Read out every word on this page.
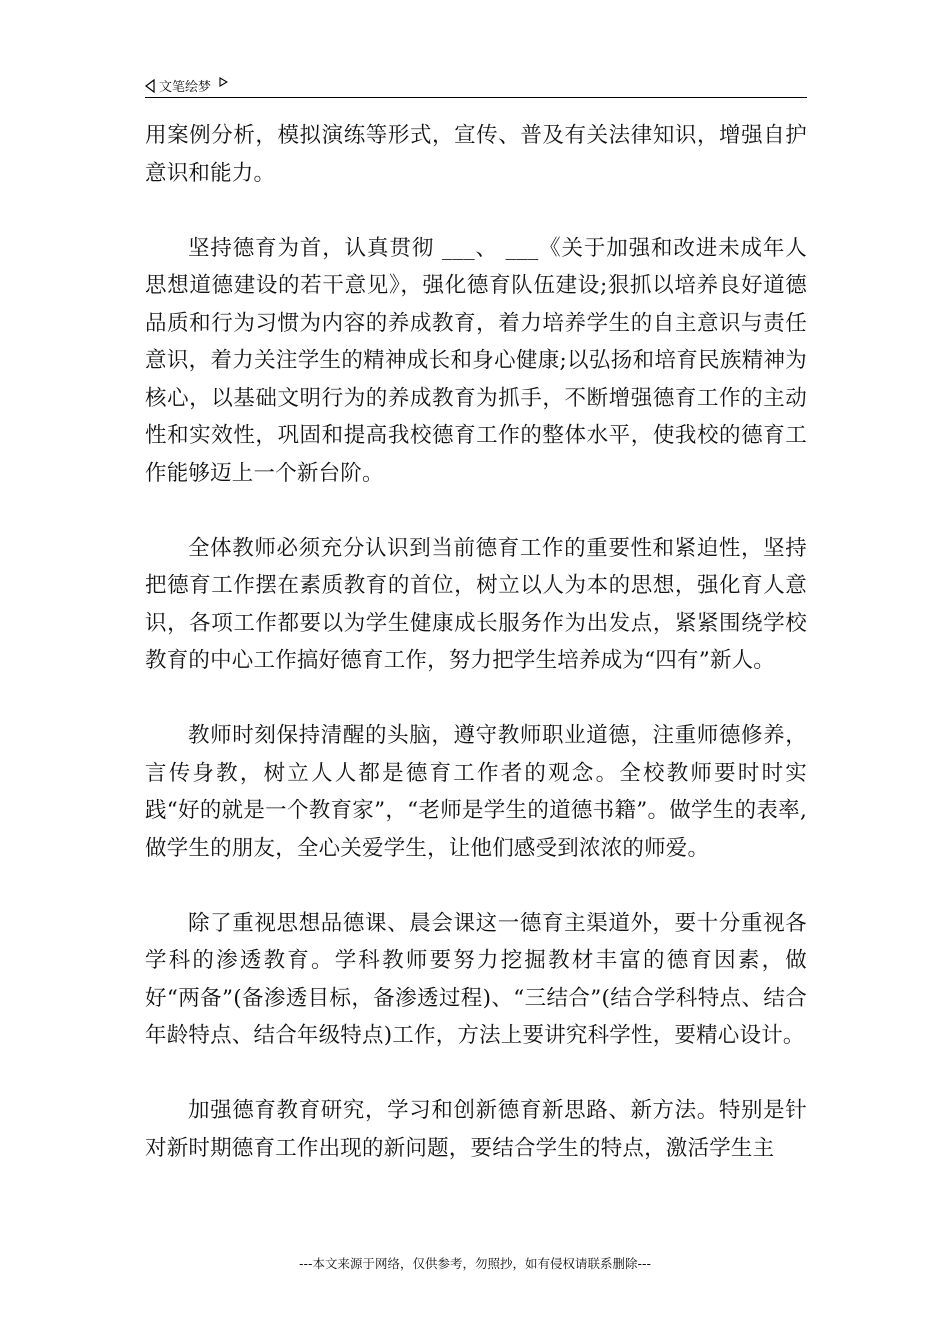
文笔绘梦

用案例分析，模拟演练等形式，宣传、普及有关法律知识，增强自护意识和能力。

坚持德育为首，认真贯彻 ___、 ___《关于加强和改进未成年人思想道德建设的若干意见》，强化德育队伍建设;狠抓以培养良好道德品质和行为习惯为内容的养成教育，着力培养学生的自主意识与责任意识，着力关注学生的精神成长和身心健康;以弘扬和培育民族精神为核心，以基础文明行为的养成教育为抓手，不断增强德育工作的主动性和实效性，巩固和提高我校德育工作的整体水平，使我校的德育工作能够迈上一个新台阶。

全体教师必须充分认识到当前德育工作的重要性和紧迫性，坚持把德育工作摆在素质教育的首位，树立以人为本的思想，强化育人意识，各项工作都要以为学生健康成长服务作为出发点，紧紧围绕学校教育的中心工作搞好德育工作，努力把学生培养成为“四有”新人。

教师时刻保持清醒的头脑，遵守教师职业道德，注重师德修养，言传身教，树立人人都是德育工作者的观念。全校教师要时时实践“好的就是一个教育家”，“老师是学生的道德书籍”。做学生的表率,做学生的朋友，全心关爱学生，让他们感受到浓浓的师爱。

除了重视思想品德课、晨会课这一德育主渠道外，要十分重视各学科的渗透教育。学科教师要努力挖掘教材丰富的德育因素，做好“两备”(备渗透目标，备渗透过程)、“三结合”(结合学科特点、结合年龄特点、结合年级特点)工作，方法上要讲究科学性，要精心设计。

加强德育教育研究，学习和创新德育新思路、新方法。特别是针对新时期德育工作出现的新问题，要结合学生的特点，激活学生主

---本文来源于网络，仅供参考，勿照抄，如有侵权请联系删除---
